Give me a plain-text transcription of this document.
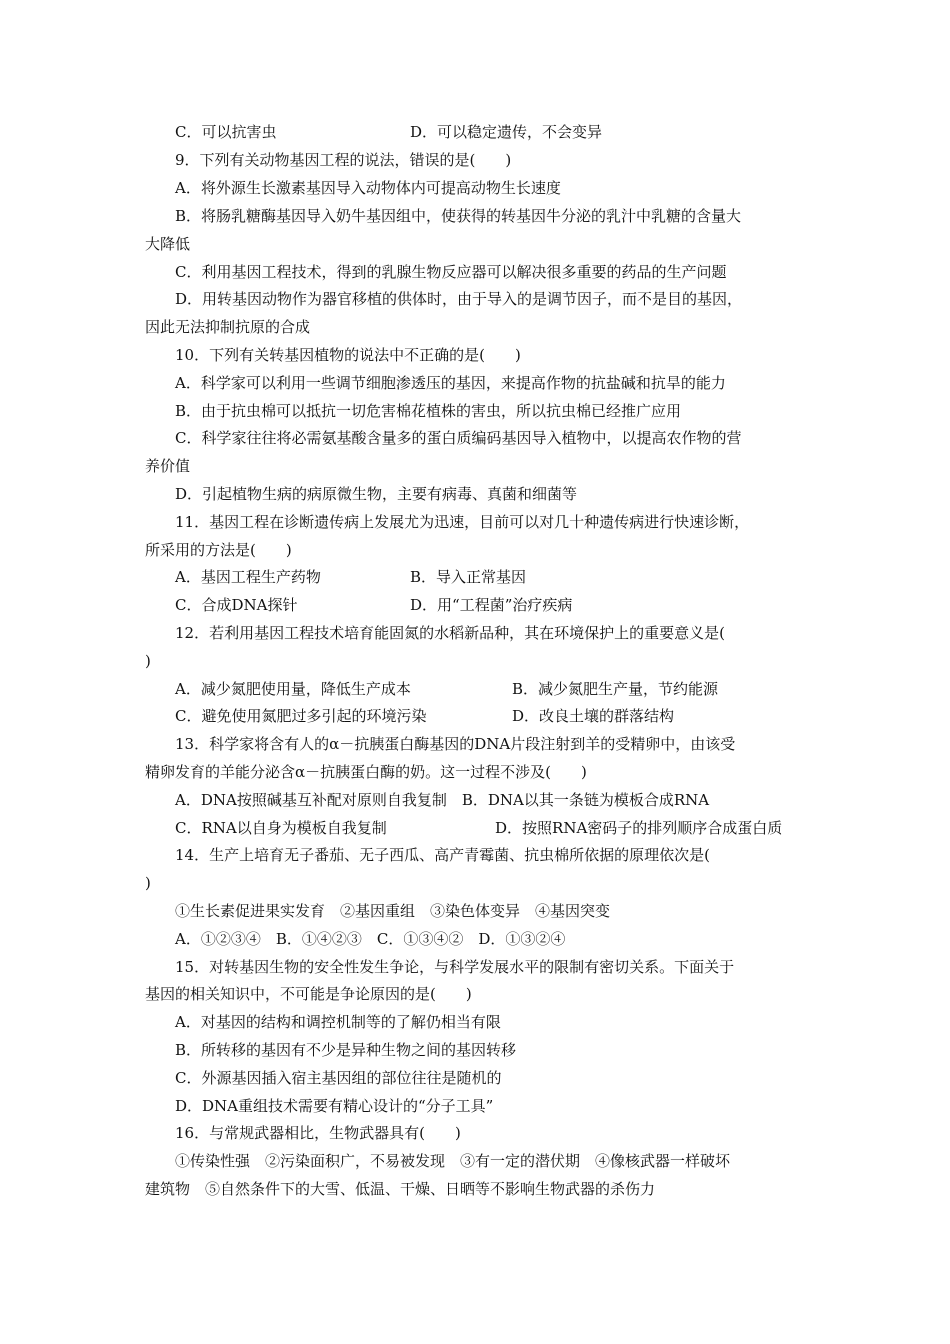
C．可以抗害虫	D．可以稳定遗传，不会变异
9．下列有关动物基因工程的说法，错误的是(　　)
A．将外源生长激素基因导入动物体内可提高动物生长速度
B．将肠乳糖酶基因导入奶牛基因组中，使获得的转基因牛分泌的乳汁中乳糖的含量大
大降低
C．利用基因工程技术，得到的乳腺生物反应器可以解决很多重要的药品的生产问题
D．用转基因动物作为器官移植的供体时，由于导入的是调节因子，而不是目的基因，
因此无法抑制抗原的合成
10．下列有关转基因植物的说法中不正确的是(　　)
A．科学家可以利用一些调节细胞渗透压的基因，来提高作物的抗盐碱和抗旱的能力
B．由于抗虫棉可以抵抗一切危害棉花植株的害虫，所以抗虫棉已经推广应用
C．科学家往往将必需氨基酸含量多的蛋白质编码基因导入植物中，以提高农作物的营
养价值
D．引起植物生病的病原微生物，主要有病毒、真菌和细菌等
11．基因工程在诊断遗传病上发展尤为迅速，目前可以对几十种遗传病进行快速诊断，
所采用的方法是(　　)
A．基因工程生产药物	B．导入正常基因
C．合成DNA探针	D．用“工程菌”治疗疾病
12．若利用基因工程技术培育能固氮的水稻新品种，其在环境保护上的重要意义是(
)
A．减少氮肥使用量，降低生产成本	B．减少氮肥生产量，节约能源
C．避免使用氮肥过多引起的环境污染	D．改良土壤的群落结构
13．科学家将含有人的α－抗胰蛋白酶基因的DNA片段注射到羊的受精卵中，由该受
精卵发育的羊能分泌含α－抗胰蛋白酶的奶。这一过程不涉及(　　)
A．DNA按照碱基互补配对原则自我复制　B．DNA以其一条链为模板合成RNA
C．RNA以自身为模板自我复制	D．按照RNA密码子的排列顺序合成蛋白质
14．生产上培育无子番茄、无子西瓜、高产青霉菌、抗虫棉所依据的原理依次是(
)
①生长素促进果实发育　②基因重组　③染色体变异　④基因突变
A．①②③④　B．①④②③　C．①③④②　D．①③②④
15．对转基因生物的安全性发生争论，与科学发展水平的限制有密切关系。下面关于
基因的相关知识中，不可能是争论原因的是(　　)
A．对基因的结构和调控机制等的了解仍相当有限
B．所转移的基因有不少是异种生物之间的基因转移
C．外源基因插入宿主基因组的部位往往是随机的
D．DNA重组技术需要有精心设计的“分子工具”
16．与常规武器相比，生物武器具有(　　)
①传染性强　②污染面积广，不易被发现　③有一定的潜伏期　④像核武器一样破坏
建筑物　⑤自然条件下的大雪、低温、干燥、日晒等不影响生物武器的杀伤力
